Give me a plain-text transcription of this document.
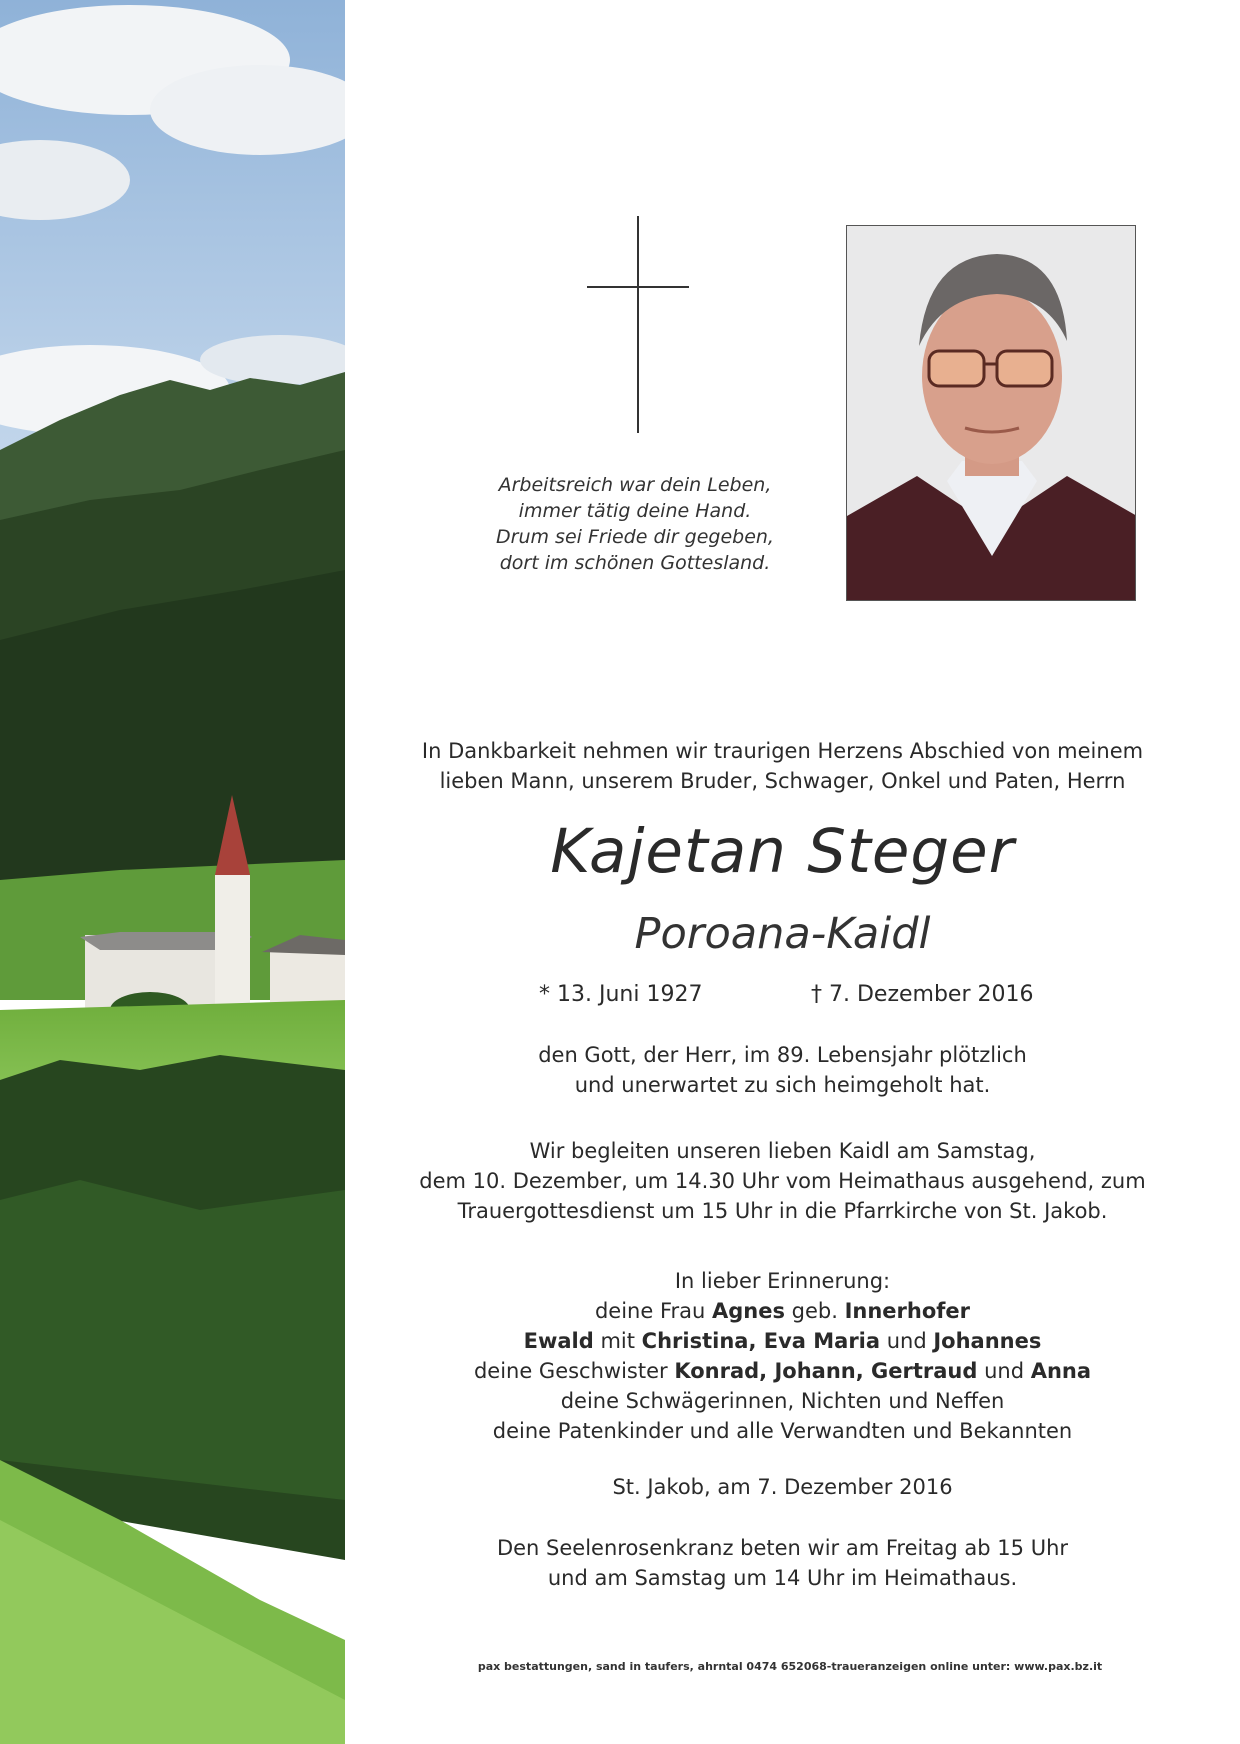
Arbeitsreich war dein Leben,
immer tätig deine Hand.
Drum sei Friede dir gegeben,
dort im schönen Gottesland.
In Dankbarkeit nehmen wir traurigen Herzens Abschied von meinem
lieben Mann, unserem Bruder, Schwager, Onkel und Paten, Herrn
Kajetan Steger
Poroana-Kaidl
* 13. Juni 1927	† 7. Dezember 2016
den Gott, der Herr, im 89. Lebensjahr plötzlich
und unerwartet zu sich heimgeholt hat.
Wir begleiten unseren lieben Kaidl am Samstag,
dem 10. Dezember, um 14.30 Uhr vom Heimathaus ausgehend, zum
Trauergottesdienst um 15 Uhr in die Pfarrkirche von St. Jakob.
In lieber Erinnerung:
deine Frau Agnes geb. Innerhofer
Ewald mit Christina, Eva Maria und Johannes
deine Geschwister Konrad, Johann, Gertraud und Anna
deine Schwägerinnen, Nichten und Neffen
deine Patenkinder und alle Verwandten und Bekannten
St. Jakob, am 7. Dezember 2016
Den Seelenrosenkranz beten wir am Freitag ab 15 Uhr
und am Samstag um 14 Uhr im Heimathaus.
pax bestattungen, sand in taufers, ahrntal 0474 652068-traueranzeigen online unter: www.pax.bz.it
